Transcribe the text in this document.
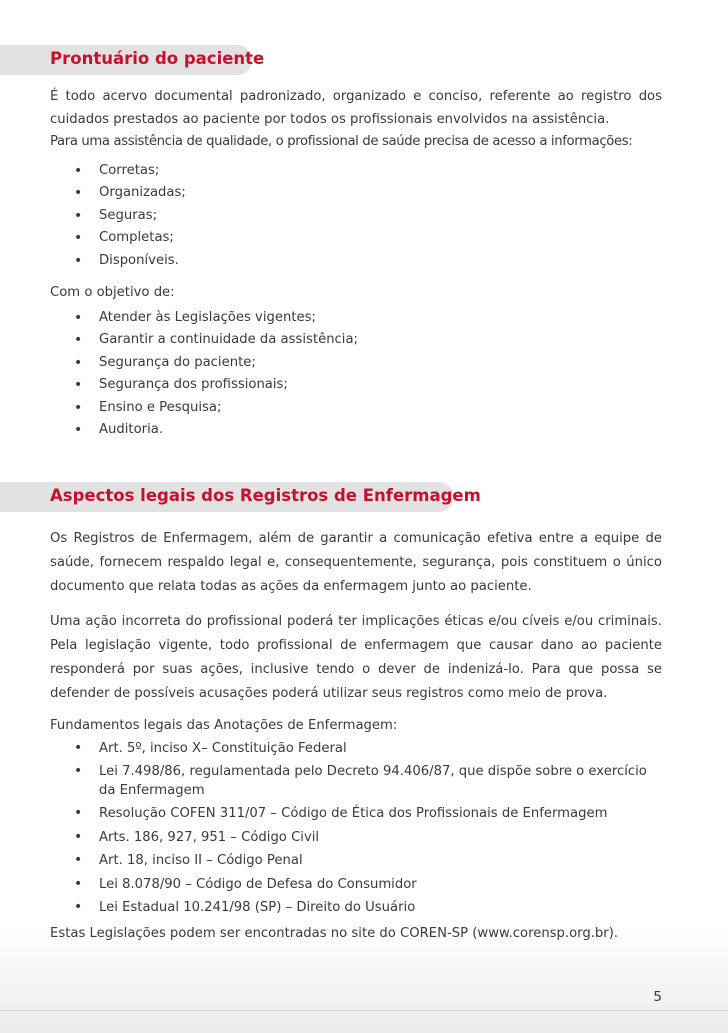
Prontuário do paciente

É todo acervo documental padronizado, organizado e conciso, referente ao registro dos cuidados prestados ao paciente por todos os profissionais envolvidos na assistência.

Para uma assistência de qualidade, o profissional de saúde precisa de acesso a informações:

• Corretas;
• Organizadas;
• Seguras;
• Completas;
• Disponíveis.

Com o objetivo de:

• Atender às Legislações vigentes;
• Garantir a continuidade da assistência;
• Segurança do paciente;
• Segurança dos profissionais;
• Ensino e Pesquisa;
• Auditoria.
Aspectos legais dos Registros de Enfermagem

Os Registros de Enfermagem, além de garantir a comunicação efetiva entre a equipe de saúde, fornecem respaldo legal e, consequentemente, segurança, pois constituem o único documento que relata todas as ações da enfermagem junto ao paciente.

Uma ação incorreta do profissional poderá ter implicações éticas e/ou cíveis e/ou criminais. Pela legislação vigente, todo profissional de enfermagem que causar dano ao paciente responderá por suas ações, inclusive tendo o dever de indenizá-lo. Para que possa se defender de possíveis acusações poderá utilizar seus registros como meio de prova.

Fundamentos legais das Anotações de Enfermagem:

• Art. 5º, inciso X– Constituição Federal
• Lei 7.498/86, regulamentada pelo Decreto 94.406/87, que dispõe sobre o exercício da Enfermagem
• Resolução COFEN 311/07 – Código de Ética dos Profissionais de Enfermagem
• Arts. 186, 927, 951 – Código Civil
• Art. 18, inciso II – Código Penal
• Lei 8.078/90 – Código de Defesa do Consumidor
• Lei Estadual 10.241/98 (SP) – Direito do Usuário

Estas Legislações podem ser encontradas no site do COREN-SP (www.corensp.org.br).

5
